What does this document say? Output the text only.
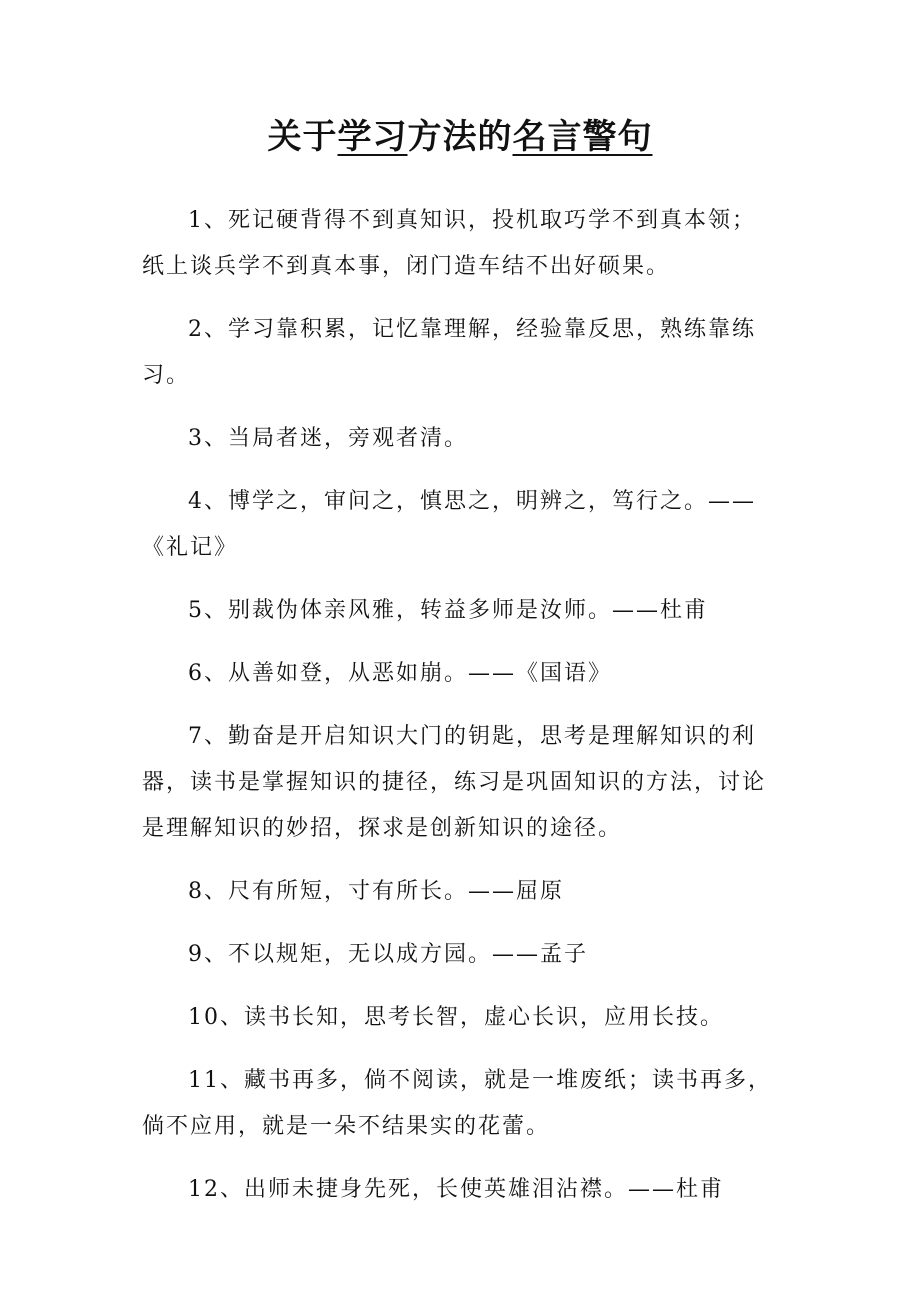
关于学习方法的名言警句

1、死记硬背得不到真知识，投机取巧学不到真本领；纸上谈兵学不到真本事，闭门造车结不出好硕果。

2、学习靠积累，记忆靠理解，经验靠反思，熟练靠练习。

3、当局者迷，旁观者清。

4、博学之，审问之，慎思之，明辨之，笃行之。——《礼记》

5、别裁伪体亲风雅，转益多师是汝师。——杜甫

6、从善如登，从恶如崩。——《国语》

7、勤奋是开启知识大门的钥匙，思考是理解知识的利器，读书是掌握知识的捷径，练习是巩固知识的方法，讨论是理解知识的妙招，探求是创新知识的途径。

8、尺有所短，寸有所长。——屈原

9、不以规矩，无以成方园。——孟子

10、读书长知，思考长智，虚心长识，应用长技。

11、藏书再多，倘不阅读，就是一堆废纸；读书再多，倘不应用，就是一朵不结果实的花蕾。

12、出师未捷身先死，长使英雄泪沾襟。——杜甫
